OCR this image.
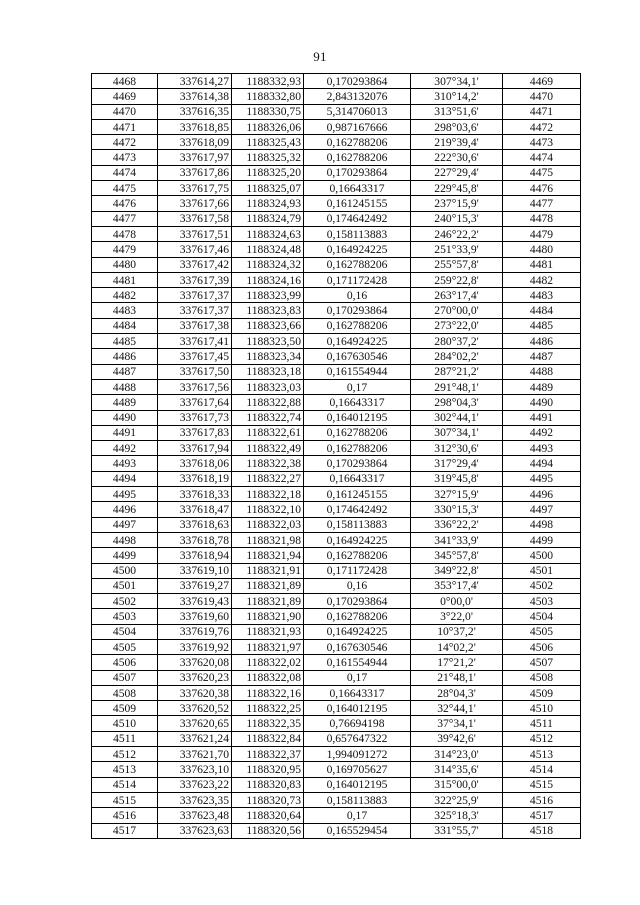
91
4468	337614,27	1188332,93	0,170293864	307°34,1'	4469
4469	337614,38	1188332,80	2,843132076	310°14,2'	4470
4470	337616,35	1188330,75	5,314706013	313°51,6'	4471
4471	337618,85	1188326,06	0,987167666	298°03,6'	4472
4472	337618,09	1188325,43	0,162788206	219°39,4'	4473
4473	337617,97	1188325,32	0,162788206	222°30,6'	4474
4474	337617,86	1188325,20	0,170293864	227°29,4'	4475
4475	337617,75	1188325,07	0,16643317	229°45,8'	4476
4476	337617,66	1188324,93	0,161245155	237°15,9'	4477
4477	337617,58	1188324,79	0,174642492	240°15,3'	4478
4478	337617,51	1188324,63	0,158113883	246°22,2'	4479
4479	337617,46	1188324,48	0,164924225	251°33,9'	4480
4480	337617,42	1188324,32	0,162788206	255°57,8'	4481
4481	337617,39	1188324,16	0,171172428	259°22,8'	4482
4482	337617,37	1188323,99	0,16	263°17,4'	4483
4483	337617,37	1188323,83	0,170293864	270°00,0'	4484
4484	337617,38	1188323,66	0,162788206	273°22,0'	4485
4485	337617,41	1188323,50	0,164924225	280°37,2'	4486
4486	337617,45	1188323,34	0,167630546	284°02,2'	4487
4487	337617,50	1188323,18	0,161554944	287°21,2'	4488
4488	337617,56	1188323,03	0,17	291°48,1'	4489
4489	337617,64	1188322,88	0,16643317	298°04,3'	4490
4490	337617,73	1188322,74	0,164012195	302°44,1'	4491
4491	337617,83	1188322,61	0,162788206	307°34,1'	4492
4492	337617,94	1188322,49	0,162788206	312°30,6'	4493
4493	337618,06	1188322,38	0,170293864	317°29,4'	4494
4494	337618,19	1188322,27	0,16643317	319°45,8'	4495
4495	337618,33	1188322,18	0,161245155	327°15,9'	4496
4496	337618,47	1188322,10	0,174642492	330°15,3'	4497
4497	337618,63	1188322,03	0,158113883	336°22,2'	4498
4498	337618,78	1188321,98	0,164924225	341°33,9'	4499
4499	337618,94	1188321,94	0,162788206	345°57,8'	4500
4500	337619,10	1188321,91	0,171172428	349°22,8'	4501
4501	337619,27	1188321,89	0,16	353°17,4'	4502
4502	337619,43	1188321,89	0,170293864	0°00,0'	4503
4503	337619,60	1188321,90	0,162788206	3°22,0'	4504
4504	337619,76	1188321,93	0,164924225	10°37,2'	4505
4505	337619,92	1188321,97	0,167630546	14°02,2'	4506
4506	337620,08	1188322,02	0,161554944	17°21,2'	4507
4507	337620,23	1188322,08	0,17	21°48,1'	4508
4508	337620,38	1188322,16	0,16643317	28°04,3'	4509
4509	337620,52	1188322,25	0,164012195	32°44,1'	4510
4510	337620,65	1188322,35	0,76694198	37°34,1'	4511
4511	337621,24	1188322,84	0,657647322	39°42,6'	4512
4512	337621,70	1188322,37	1,994091272	314°23,0'	4513
4513	337623,10	1188320,95	0,169705627	314°35,6'	4514
4514	337623,22	1188320,83	0,164012195	315°00,0'	4515
4515	337623,35	1188320,73	0,158113883	322°25,9'	4516
4516	337623,48	1188320,64	0,17	325°18,3'	4517
4517	337623,63	1188320,56	0,165529454	331°55,7'	4518
